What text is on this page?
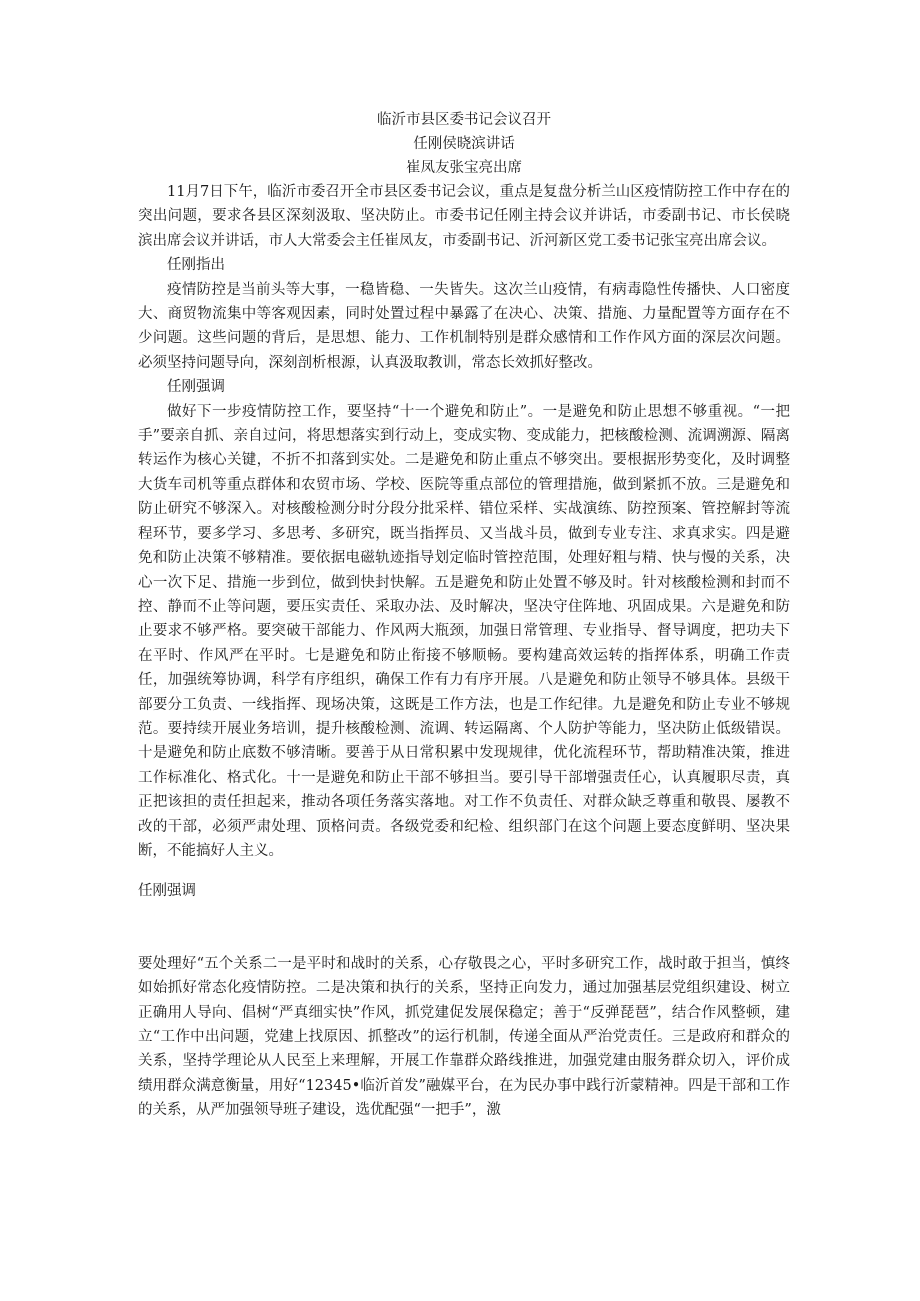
临沂市县区委书记会议召开
任刚侯晓滨讲话
崔凤友张宝亮出席

11月7日下午，临沂市委召开全市县区委书记会议，重点是复盘分析兰山区疫情防控工作中存在的突出问题，要求各县区深刻汲取、坚决防止。市委书记任刚主持会议并讲话，市委副书记、市长侯晓滨出席会议并讲话，市人大常委会主任崔凤友，市委副书记、沂河新区党工委书记张宝亮出席会议。

任刚指出

疫情防控是当前头等大事，一稳皆稳、一失皆失。这次兰山疫情，有病毒隐性传播快、人口密度大、商贸物流集中等客观因素，同时处置过程中暴露了在决心、决策、措施、力量配置等方面存在不少问题。这些问题的背后，是思想、能力、工作机制特别是群众感情和工作作风方面的深层次问题。必须坚持问题导向，深刻剖析根源，认真汲取教训，常态长效抓好整改。

任刚强调

做好下一步疫情防控工作，要坚持“十一个避免和防止”。一是避免和防止思想不够重视。“一把手”要亲自抓、亲自过问，将思想落实到行动上，变成实物、变成能力，把核酸检测、流调溯源、隔离转运作为核心关键，不折不扣落到实处。二是避免和防止重点不够突出。要根据形势变化，及时调整大货车司机等重点群体和农贸市场、学校、医院等重点部位的管理措施，做到紧抓不放。三是避免和防止研究不够深入。对核酸检测分时分段分批采样、错位采样、实战演练、防控预案、管控解封等流程环节，要多学习、多思考、多研究，既当指挥员、又当战斗员，做到专业专注、求真求实。四是避免和防止决策不够精准。要依据电磁轨迹指导划定临时管控范围，处理好粗与精、快与慢的关系，决心一次下足、措施一步到位，做到快封快解。五是避免和防止处置不够及时。针对核酸检测和封而不控、静而不止等问题，要压实责任、采取办法、及时解决，坚决守住阵地、巩固成果。六是避免和防止要求不够严格。要突破干部能力、作风两大瓶颈，加强日常管理、专业指导、督导调度，把功夫下在平时、作风严在平时。七是避免和防止衔接不够顺畅。要构建高效运转的指挥体系，明确工作责任，加强统筹协调，科学有序组织，确保工作有力有序开展。八是避免和防止领导不够具体。县级干部要分工负责、一线指挥、现场决策，这既是工作方法，也是工作纪律。九是避免和防止专业不够规范。要持续开展业务培训，提升核酸检测、流调、转运隔离、个人防护等能力，坚决防止低级错误。十是避免和防止底数不够清晰。要善于从日常积累中发现规律，优化流程环节，帮助精准决策，推进工作标准化、格式化。十一是避免和防止干部不够担当。要引导干部增强责任心，认真履职尽责，真正把该担的责任担起来，推动各项任务落实落地。对工作不负责任、对群众缺乏尊重和敬畏、屡教不改的干部，必须严肃处理、顶格问责。各级党委和纪检、组织部门在这个问题上要态度鲜明、坚决果断，不能搞好人主义。

任刚强调

要处理好“五个关系二一是平时和战时的关系，心存敬畏之心，平时多研究工作，战时敢于担当，慎终如始抓好常态化疫情防控。二是决策和执行的关系，坚持正向发力，通过加强基层党组织建设、树立正确用人导向、倡树“严真细实快”作风，抓党建促发展保稳定；善于“反弹琵琶”，结合作风整顿，建立“工作中出问题，党建上找原因、抓整改”的运行机制，传递全面从严治党责任。三是政府和群众的关系，坚持学理论从人民至上来理解，开展工作靠群众路线推进，加强党建由服务群众切入，评价成绩用群众满意衡量，用好“12345•临沂首发”融媒平台，在为民办事中践行沂蒙精神。四是干部和工作的关系，从严加强领导班子建设，选优配强“一把手”，激
